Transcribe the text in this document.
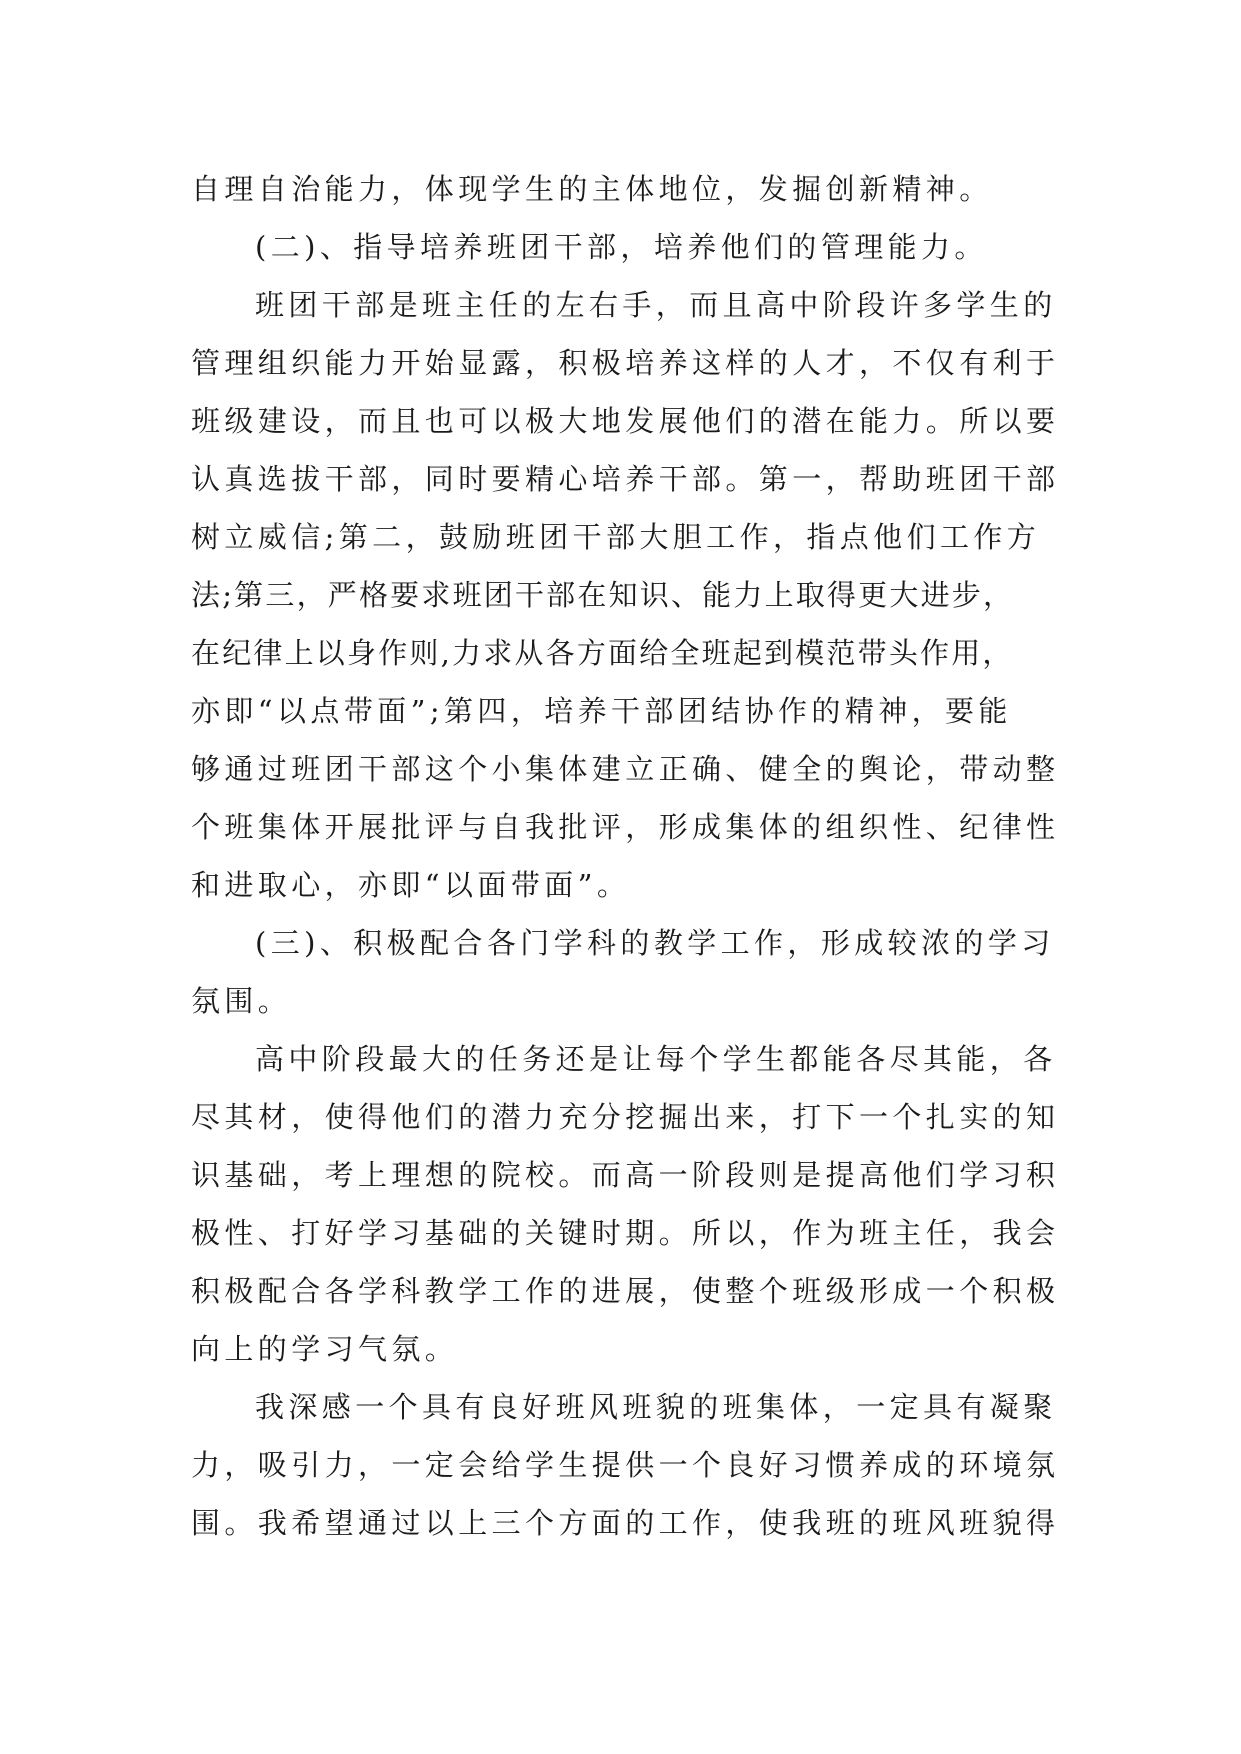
自理自治能力，体现学生的主体地位，发掘创新精神。
(二)、指导培养班团干部，培养他们的管理能力。
班团干部是班主任的左右手，而且高中阶段许多学生的
管理组织能力开始显露，积极培养这样的人才，不仅有利于
班级建设，而且也可以极大地发展他们的潜在能力。所以要
认真选拔干部，同时要精心培养干部。第一，帮助班团干部
树立威信;第二，鼓励班团干部大胆工作，指点他们工作方
法;第三，严格要求班团干部在知识、能力上取得更大进步，
在纪律上以身作则,力求从各方面给全班起到模范带头作用，
亦即“以点带面”;第四，培养干部团结协作的精神，要能
够通过班团干部这个小集体建立正确、健全的舆论，带动整
个班集体开展批评与自我批评，形成集体的组织性、纪律性
和进取心，亦即“以面带面”。
(三)、积极配合各门学科的教学工作，形成较浓的学习
氛围。
高中阶段最大的任务还是让每个学生都能各尽其能，各
尽其材，使得他们的潜力充分挖掘出来，打下一个扎实的知
识基础，考上理想的院校。而高一阶段则是提高他们学习积
极性、打好学习基础的关键时期。所以，作为班主任，我会
积极配合各学科教学工作的进展，使整个班级形成一个积极
向上的学习气氛。
我深感一个具有良好班风班貌的班集体，一定具有凝聚
力，吸引力，一定会给学生提供一个良好习惯养成的环境氛
围。我希望通过以上三个方面的工作，使我班的班风班貌得
